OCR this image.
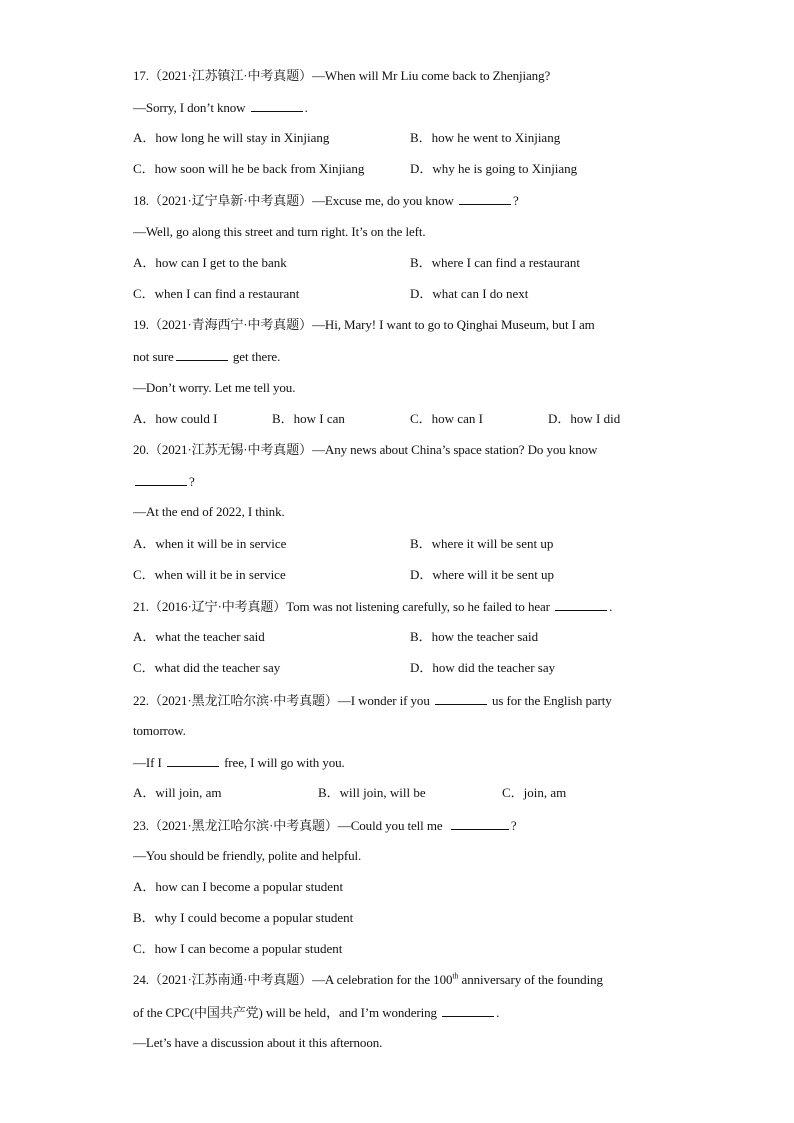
17.（2021·江苏镇江·中考真题）—When will Mr Liu come back to Zhenjiang?
—Sorry, I don’t know	.
A．how long he will stay in Xinjiang	B．how he went to Xinjiang
C．how soon will he be back from Xinjiang	D．why he is going to Xinjiang
18.（2021·辽宁阜新·中考真题）—Excuse me, do you know	?
—Well, go along this street and turn right. It’s on the left.
A．how can I get to the bank	B．where I can find a restaurant
C．when I can find a restaurant	D．what can I do next
19.（2021·青海西宁·中考真题）—Hi, Mary! I want to go to Qinghai Museum, but I am
not sure	get there.
—Don’t worry. Let me tell you.
A．how could I	B．how I can	C．how can I	D．how I did
20.（2021·江苏无锡·中考真题）—Any news about China’s space station? Do you know
?
—At the end of 2022, I think.
A．when it will be in service	B．where it will be sent up
C．when will it be in service	D．where will it be sent up
21.（2016·辽宁·中考真题）Tom was not listening carefully, so he failed to hear	.
A．what the teacher said	B．how the teacher said
C．what did the teacher say	D．how did the teacher say
22.（2021·黑龙江哈尔滨·中考真题）—I wonder if you	us for the English party
tomorrow.
—If I	free, I will go with you.
A．will join, am	B．will join, will be	C．join, am
23.（2021·黑龙江哈尔滨·中考真题）—Could you tell me	?
—You should be friendly, polite and helpful.
A．how can I become a popular student
B．why I could become a popular student
C．how I can become a popular student
24.（2021·江苏南通·中考真题）—A celebration for the 100th anniversary of the founding
of the CPC(中国共产党) will be held，and I’m wondering	.
—Let’s have a discussion about it this afternoon.
